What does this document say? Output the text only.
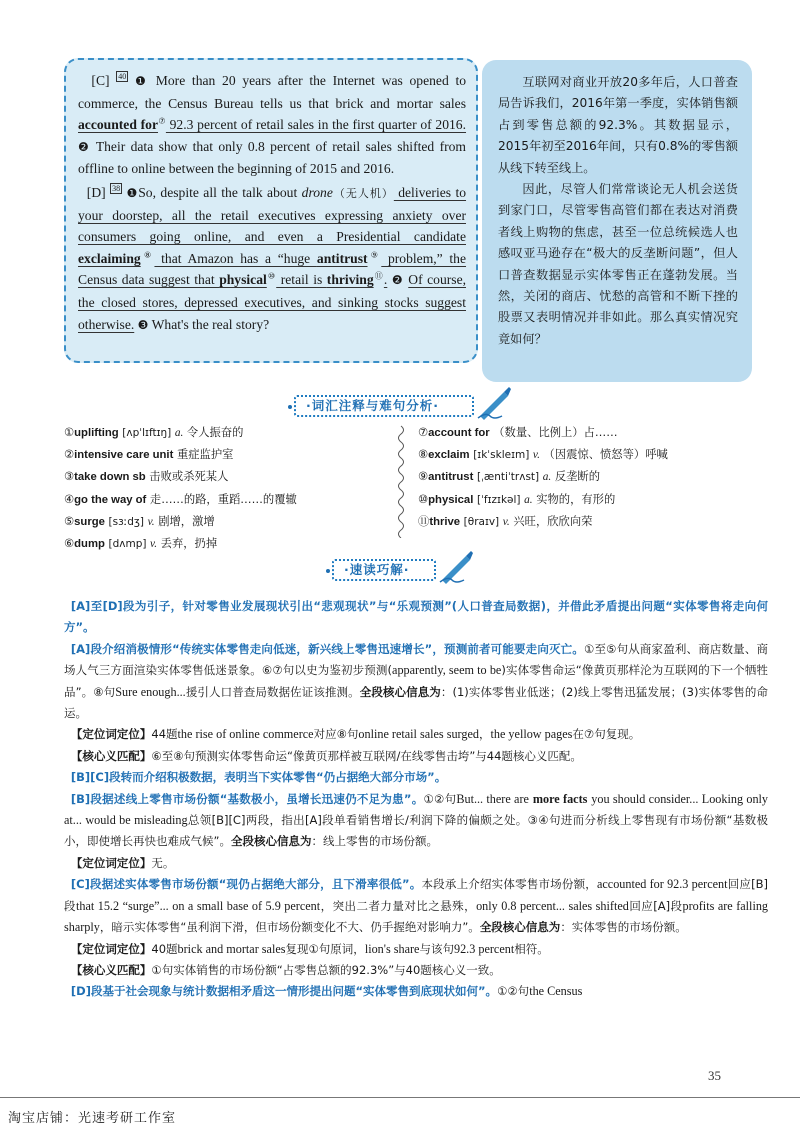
[C] $^{40}$ ❶ More than 20 years after the Internet was opened to commerce, the Census Bureau tells us that brick and mortar sales accounted for⑦ 92.3 percent of retail sales in the first quarter of 2016. ❷ Their data show that only 0.8 percent of retail sales shifted from offline to online between the beginning of 2015 and 2016.

[D] $^{38}$ ❶So, despite all the talk about drone（无人机） deliveries to your doorstep, all the retail executives expressing anxiety over consumers going online, and even a Presidential candidate exclaiming⑧ that Amazon has a “huge antitrust⑨ problem,” the Census data suggest that physical⑩ retail is thriving⑪. ❷ Of course, the closed stores, depressed executives, and sinking stocks suggest otherwise. ❸ What's the real story?

互联网对商业开放20多年后，人口普查局告诉我们，2016年第一季度，实体销售额占到零售总额的92.3%。其数据显示，2015年初至2016年间，只有0.8%的零售额从线下转至线上。

因此，尽管人们常常谈论无人机会送货到家门口，尽管零售高管们都在表达对消费者线上购物的焦虑，甚至一位总统候选人也感叹亚马逊存在“极大的反垄断问题”，但人口普查数据显示实体零售正在蓬勃发展。当然，关闭的商店、忧愁的高管和不断下挫的股票又表明情况并非如此。那么真实情况究竟如何？

·词汇注释与难句分析·
①uplifting [ʌpˈlɪftɪŋ] a. 令人振奋的
②intensive care unit 重症监护室
③take down sb 击败或杀死某人
④go the way of 走……的路，重蹈……的覆辙
⑤surge [sɜːdʒ] v. 剧增，激增
⑥dump [dʌmp] v. 丢弃，扔掉
⑦account for （数量、比例上）占……
⑧exclaim [ɪkˈskleɪm] v. （因震惊、愤怒等）呼喊
⑨antitrust [ˌæntiˈtrʌst] a. 反垄断的
⑩physical [ˈfɪzɪkəl] a. 实物的，有形的
⑪thrive [θraɪv] v. 兴旺，欣欣向荣
·速读巧解·

[A]至[D]段为引子，针对零售业发展现状引出“悲观现状”与“乐观预测”(人口普查局数据)，并借此矛盾提出问题“实体零售将走向何方”。

[A]段介绍消极情形“传统实体零售走向低迷，新兴线上零售迅速增长”，预测前者可能要走向灭亡。①至⑤句从商家盈利、商店数量、商场人气三方面渲染实体零售低迷景象。⑥⑦句以史为鉴初步预测(apparently, seem to be)实体零售命运“像黄页那样沦为互联网的下一个牺牲品”。⑧句Sure enough...援引人口普查局数据佐证该推测。全段核心信息为：(1)实体零售业低迷；(2)线上零售迅猛发展；(3)实体零售的命运。

【定位词定位】44题the rise of online commerce对应⑧句online retail sales surged，the yellow pages在⑦句复现。

【核心义匹配】⑥至⑧句预测实体零售命运“像黄页那样被互联网/在线零售击垮”与44题核心义匹配。

[B][C]段转而介绍积极数据，表明当下实体零售“仍占据绝大部分市场”。

[B]段据述线上零售市场份额“基数极小，虽增长迅速仍不足为患”。①②句But... there are more facts you should consider... Looking only at... would be misleading总领[B][C]两段，指出[A]段单看销售增长/利润下降的偏颇之处。③④句进而分析线上零售现有市场份额“基数极小，即使增长再快也难成气候”。全段核心信息为：线上零售的市场份额。

【定位词定位】无。

[C]段据述实体零售市场份额“现仍占据绝大部分，且下滑率很低”。本段承上介绍实体零售市场份额，accounted for 92.3 percent回应[B]段that 15.2 “surge”... on a small base of 5.9 percent，突出二者力量对比之悬殊，only 0.8 percent... sales shifted回应[A]段profits are falling sharply，暗示实体零售“虽利润下滑，但市场份额变化不大、仍手握绝对影响力”。全段核心信息为：实体零售的市场份额。

【定位词定位】40题brick and mortar sales复现①句原词，lion's share与该句92.3 percent相符。

【核心义匹配】①句实体销售的市场份额“占零售总额的92.3%”与40题核心义一致。

[D]段基于社会现象与统计数据相矛盾这一情形提出问题“实体零售到底现状如何”。①②句the Census

35
淘宝店铺：光速考研工作室
